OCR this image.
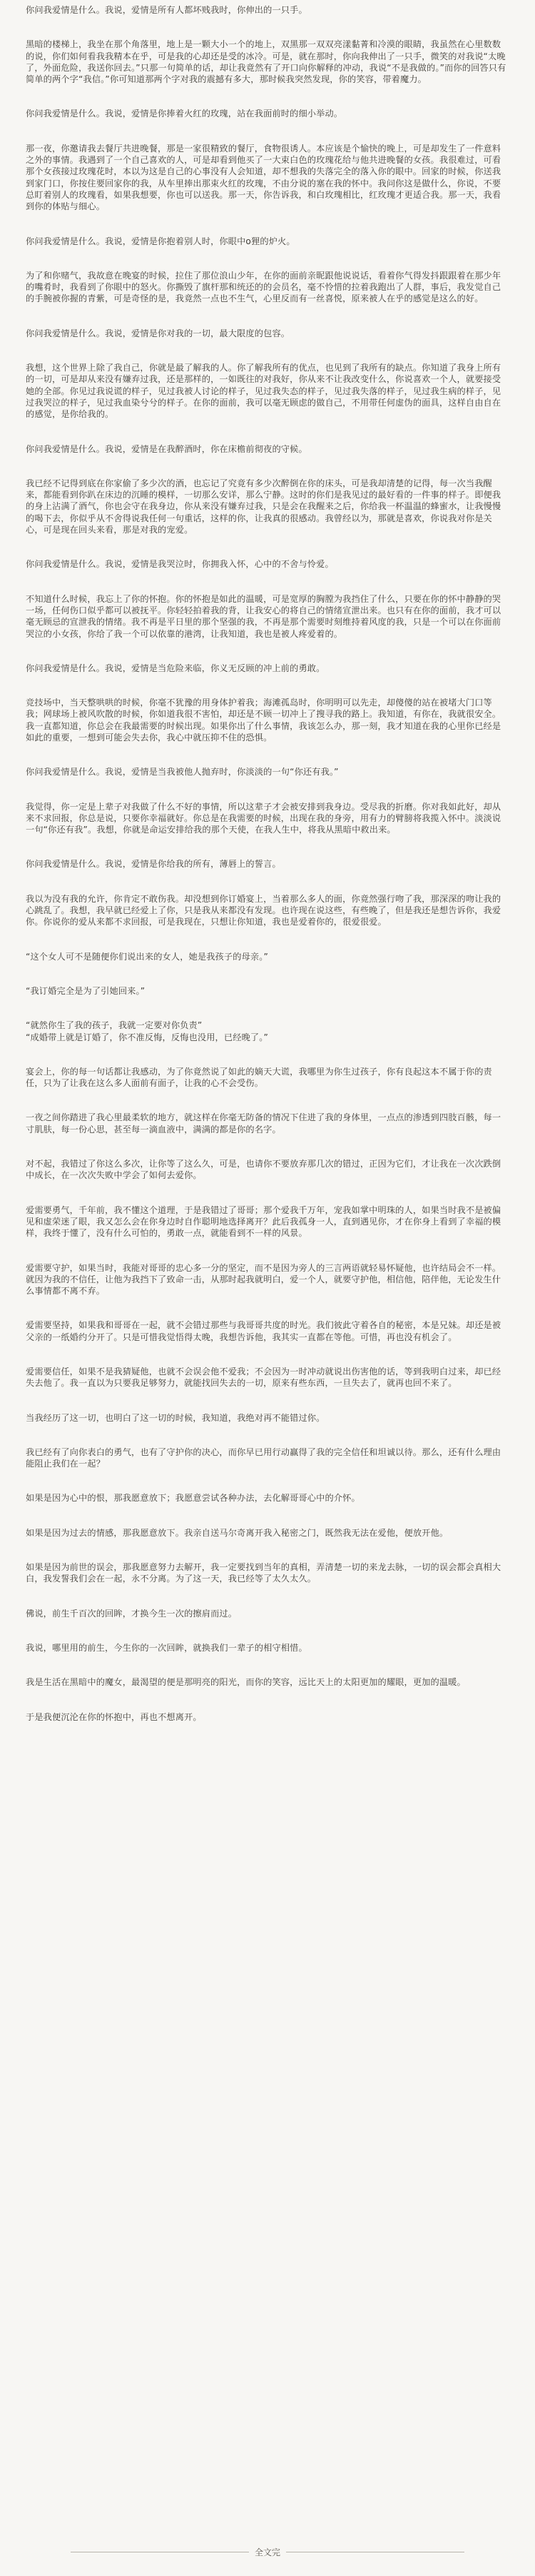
你问我爱情是什么。我说，爱情是所有人都坏贱我时，你伸出的一只手。

黑暗的楼梯上，我坐在那个角落里，地上是一颗大小一个的地上，双黑那一双双亮漾黏菁和冷漠的眼睛，我虽然在心里数数的说，你们如何看我我精本在乎，可是我的心却还是受的冰冷。可是，就在那时，你向我伸出了一只手，微笑的对我说“太晚了，外面危险，我送你回去。”只那一句简单的话，却让我竟然有了开口向你解释的冲动，我说“不是我做的。”而你的回答只有简单的两个字“我信。”你可知道那两个字对我的震撼有多大，那时候我突然发现，你的笑容，带着魔力。

你问我爱情是什么。我说，爱情是你捧着火红的玫瑰，站在我面前时的细小举动。

那一夜，你邀请我去餐厅共进晚餐，那是一家很精致的餐厅，食物很诱人。本应该是个愉快的晚上，可是却发生了一件意料之外的事情。我遇到了一个自己喜欢的人，可是却看到他买了一大束白色的玫瑰花给与他共进晚餐的女孩。我很难过，可看那个女孩接过玫瑰花时，本以为这是自己的心事没有人会知道，却不想我的失落完全的落入你的眼中。回家的时候，你送我到家门口，你按住要回家你的我，从车里捧出那束火红的玫瑰，不由分说的塞在我的怀中。我问你这是做什么，你说，不要总盯着别人的玫瑰看，如果我想要，你也可以送我。那一天，你告诉我，和白玫瑰相比，红玫瑰才更适合我。那一天，我看到你的体贴与细心。

你问我爱情是什么。我说，爱情是你抱着别人时，你眼中o狸的炉火。

为了和你赌气，我故意在晚宴的时候，拉住了那位浪山少年，在你的面前亲昵跟他说说话，看着你气得发抖跟跟着在那少年的嘴肴时，我看到了你眼中的怒火。你撕毁了旗杆那和统还的的会员名，毫不怜惜的拉着我跑出了人群，事后，我发觉自己的手腕被你握的青紫，可是奇怪的是，我竟然一点也不生气，心里反而有一丝喜悦，原来被人在乎的感觉是这么的好。

你问我爱情是什么。我说，爱情是你对我的一切，最大限度的包容。

我想，这个世界上除了我自己，你就是最了解我的人。你了解我所有的优点，也见到了我所有的缺点。你知道了我身上所有的一切，可是却从来没有嫌弃过我，还是那样的，一如既往的对我好，你从来不让我改变什么，你说喜欢一个人，就要接受她的全部。你见过我说谎的样子，见过我被人讨论的样子，见过我失态的样子，见过我失落的样子，见过我生病的样子，见过我哭泣的样子，见过我血染兮兮的样子。在你的面前，我可以毫无顾虑的做自己，不用带任何虚伪的面具，这样自由自在的感觉，是你给我的。

你问我爱情是什么。我说，爱情是在我醉酒时，你在床檐前彻夜的守候。

我已经不记得到底在你家偷了多少次的酒，也忘记了究竟有多少次醉倒在你的床头，可是我却清楚的记得，每一次当我醒来，都能看到你趴在床边的沉睡的模样，一切那么安详，那么宁静。这时的你们是我见过的最好看的一件事的样子。即便我的身上沾满了酒气，你也会守在我身边，你从来没有嫌弃过我，只是会在我醒来之后，你给我一杯温温的蜂蜜水，让我慢慢的喝下去，你似乎从不舍得说我任何一句重话，这样的你，让我真的很感动。我曾经以为，那就是喜欢，你说我对你是关心，可是现在回头来看，那是对我的宠爱。

你问我爱情是什么。我说，爱情是我哭泣时，你拥我入怀，心中的不舍与怜爱。

不知道什么时候，我忘上了你的怀抱。你的怀抱是如此的温暖，可是宽厚的胸膛为我挡住了什么，只要在你的怀中静静的哭一场，任何伤口似乎都可以被抚平。你轻轻拍着我的背，让我安心的将自己的情绪宣泄出来。也只有在你的面前，我才可以毫无顾忌的宣泄我的情绪。我不再是平日里的那个坚强的我，不再是那个需要时刻维持着风度的我，只是一个可以在你面前哭泣的小女孩，你给了我一个可以依靠的港湾，让我知道，我也是被人疼爱着的。

你问我爱情是什么。我说，爱情是当危险来临，你义无反顾的冲上前的勇敢。

竞技场中，当天整哄哄的时候，你毫不犹豫的用身体护着我；海滩孤岛时，你明明可以先走，却傻傻的站在被堵大门口等我；网球场上被风吹散的时候，你如道我很不害怕，却还是不顾一切冲上了搜寻我的路上。我知道，有你在，我就很安全。我一直都知道，你总会在我最需要的时候出现。如果你出了什么事情，我该怎么办，那一刻，我才知道在我的心里你已经是如此的重要，一想到可能会失去你，我心中就压抑不住的恐惧。

你问我爱情是什么。我说，爱情是当我被他人抛弃时，你淡淡的一句“你还有我。”

我觉得，你一定是上辈子对我做了什么不好的事情，所以这辈子才会被安排到我身边。受尽我的折磨。你对我如此好，却从来不求回报，你总是说，只要你幸福就好。你总是在我需要的时候，出现在我的身旁，用有力的臂膀将我揽入怀中。淡淡说一句“你还有我”。我想，你就是命运安排给我的那个天使，在我人生中，将我从黑暗中救出来。

你问我爱情是什么。我说，爱情是你给我的所有，薄唇上的誓言。

我以为没有我的允许，你肯定不敢伤我。却没想到你订婚宴上，当着那么多人的面，你竟然强行吻了我，那深深的吻让我的心跳乱了。我想，我早就已经爱上了你，只是我从来都没有发现。也许现在说这些，有些晚了，但是我还是想告诉你，我爱你。你说你的爱从来都不求回报，可是我现在，只想让你知道，我也是爱着你的，很爱很爱。

“这个女人可不是随便你们说出来的女人，她是我孩子的母亲。”

“我订婚完全是为了引她回来。”

“就然你生了我的孩子，我就一定要对你负责”
“成婚带上就是订婚了，你不准反悔，反悔也没用，已经晚了。”

宴会上，你的每一句话都让我感动，为了你竟然说了如此的嫡天大谎，我哪里为你生过孩子，你有良起这本不属于你的责任，只为了让我在这么多人面前有面子，让我的心不会受伤。

一夜之间你踏进了我心里最柔软的地方，就这样在你毫无防备的情况下住进了我的身体里，一点点的渗透到四肢百骸，每一寸肌肤，每一份心思，甚至每一滴血液中，满满的都是你的名字。

对不起，我错过了你这么多次，让你等了这么久，可是，也请你不要放弃那几次的错过，正因为它们，才让我在一次次跌倒中成长，在一次次失败中学会了如何去爱你。

爱需要勇气，千年前，我不懂这个道理，于是我错过了哥哥；那个爱我千万年，宠我如掌中明珠的人，如果当时我不是被偏见和虚荣迷了眼，我又怎么会在你身边时自作聪明地选择离开？此后我孤身一人，直到遇见你，才在你身上看到了幸福的模样，我终于懂了，没有什么可怕的，勇敢一点，就能看到不一样的风景。

爱需要守护，如果当时，我能对哥哥的忠心多一分的坚定，而不是因为旁人的三言两语就轻易怀疑他，也许结局会不一样。就因为我的不信任，让他为我挡下了致命一击，从那时起我就明白，爱一个人，就要守护他，相信他，陪伴他，无论发生什么事情都不离不弃。

爱需要坚持，如果我和哥哥在一起，就不会错过那些与我哥哥共度的时光。我们彼此守着各自的秘密，本是兄妹。却还是被父亲的一纸婚约分开了。只是可惜我觉悟得太晚，我想告诉他，我其实一直都在等他。可惜，再也没有机会了。

爱需要信任，如果不是我猜疑他，也就不会误会他不爱我；不会因为一时冲动就说出伤害他的话，等到我明白过来，却已经失去他了。我一直以为只要我足够努力，就能找回失去的一切，原来有些东西，一旦失去了，就再也回不来了。

当我经历了这一切，也明白了这一切的时候，我知道，我绝对再不能错过你。

我已经有了向你表白的勇气，也有了守护你的决心，而你早已用行动赢得了我的完全信任和坦诚以待。那么，还有什么理由能阻止我们在一起？

如果是因为心中的恨，那我愿意放下；我愿意尝试各种办法，去化解哥哥心中的介怀。

如果是因为过去的情感，那我愿意放下。我亲自送马尔奇离开我入秘密之门，既然我无法在爱他，便放开他。

如果是因为前世的误会，那我愿意努力去解开，我一定要找到当年的真相，弄清楚一切的来龙去脉，一切的误会都会真相大白，我发誓我们会在一起，永不分离。为了这一天，我已经等了太久太久。

佛说，前生千百次的回眸，才换今生一次的擦肩而过。

我说，哪里用的前生，今生你的一次回眸，就换我们一辈子的相守相惜。

我是生活在黑暗中的魔女，最渴望的便是那明亮的阳光，而你的笑容，远比天上的太阳更加的耀眼，更加的温暖。

于是我便沉沦在你的怀抱中，再也不想离开。

全文完
